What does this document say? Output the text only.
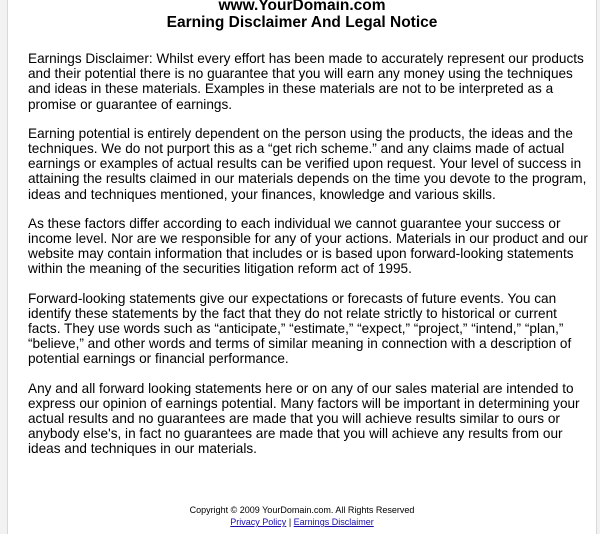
www.YourDomain.com
Earning Disclaimer And Legal Notice

Earnings Disclaimer: Whilst every effort has been made to accurately represent our products and their potential there is no guarantee that you will earn any money using the techniques and ideas in these materials. Examples in these materials are not to be interpreted as a promise or guarantee of earnings.

Earning potential is entirely dependent on the person using the products, the ideas and the techniques. We do not purport this as a “get rich scheme.” and any claims made of actual earnings or examples of actual results can be verified upon request. Your level of success in attaining the results claimed in our materials depends on the time you devote to the program, ideas and techniques mentioned, your finances, knowledge and various skills.

As these factors differ according to each individual we cannot guarantee your success or income level. Nor are we responsible for any of your actions. Materials in our product and our website may contain information that includes or is based upon forward-looking statements within the meaning of the securities litigation reform act of 1995.

Forward-looking statements give our expectations or forecasts of future events. You can identify these statements by the fact that they do not relate strictly to historical or current facts. They use words such as “anticipate,” “estimate,” “expect,” “project,” “intend,” “plan,” “believe,” and other words and terms of similar meaning in connection with a description of potential earnings or financial performance.

Any and all forward looking statements here or on any of our sales material are intended to express our opinion of earnings potential. Many factors will be important in determining your actual results and no guarantees are made that you will achieve results similar to ours or anybody else's, in fact no guarantees are made that you will achieve any results from our ideas and techniques in our materials.

Copyright © 2009 YourDomain.com. All Rights Reserved
Privacy Policy | Earnings Disclaimer
